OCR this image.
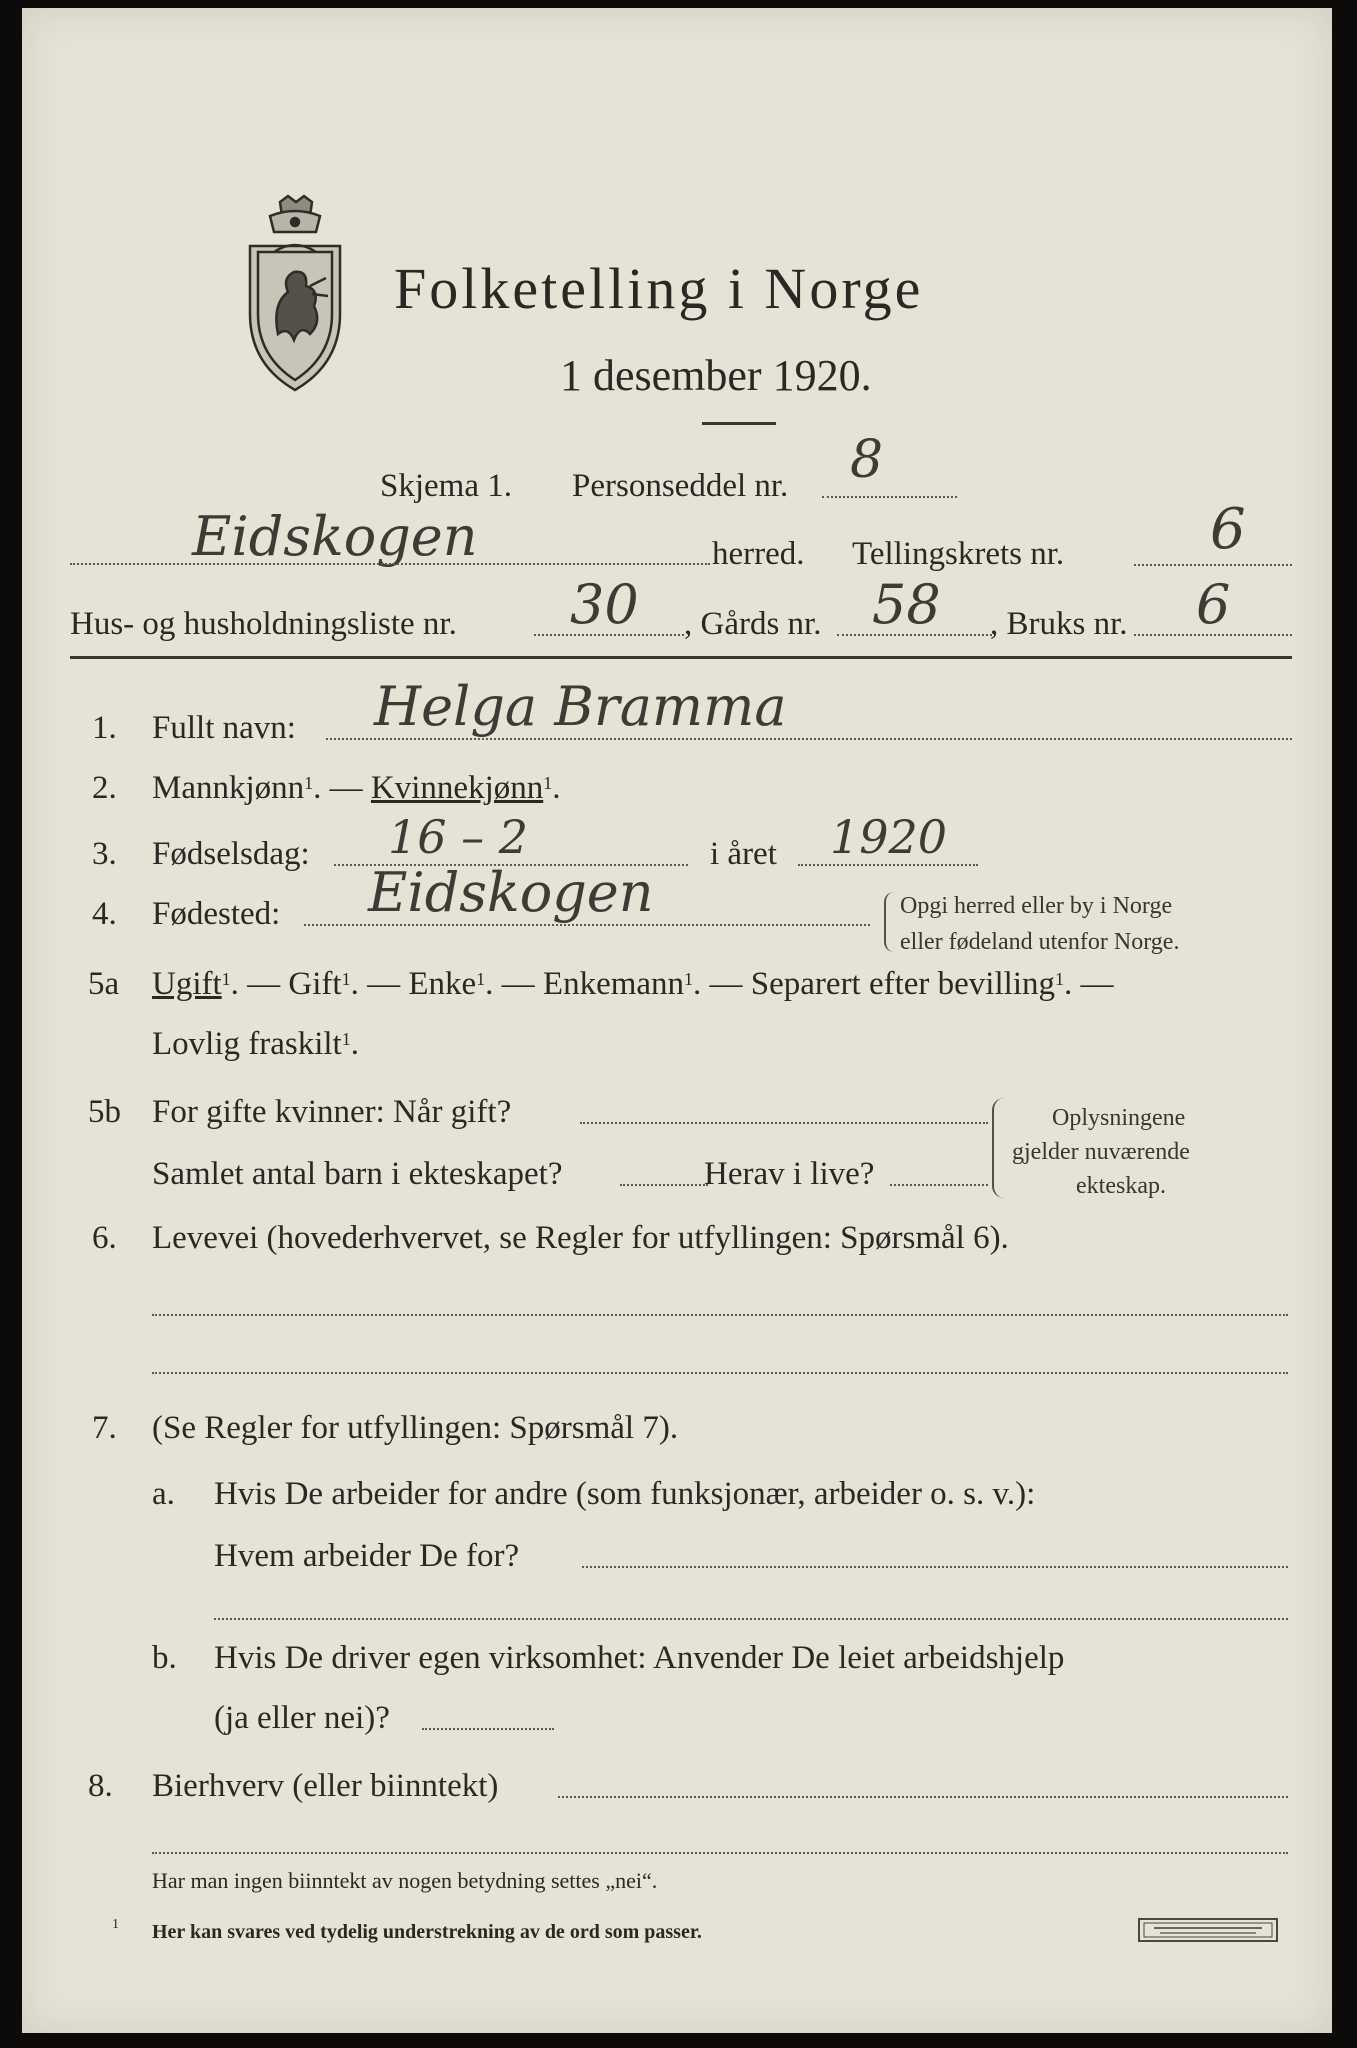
Folketelling i Norge
1 desember 1920.
Skjema 1. Personseddel nr. 8
Eidskogen	herred. Tellingskrets nr.	6
Hus- og husholdningsliste nr. 30 , Gårds nr. 58 , Bruks nr. 6
1. Fullt navn: Helga Bramma
2. Mannkjønn$^1$. — Kvinnekjønn$^1$.
3. Fødselsdag: 16 – 2	i året 1920
4. Fødested: Eidskogen	Opgi herred eller by i Norge
eller fødeland utenfor Norge.
5a Ugift$^1$. — Gift$^1$. — Enke$^1$. — Enkemann$^1$. — Separert efter bevilling$^1$. —
Lovlig fraskilt$^1$.
5b For gifte kvinner: Når gift?
Samlet antal barn i ekteskapet?	Herav i live?
Oplysningene
gjelder nuværende
ekteskap.
6. Levevei (hovederhvervet, se Regler for utfyllingen: Spørsmål 6).
7. (Se Regler for utfyllingen: Spørsmål 7).
a. Hvis De arbeider for andre (som funksjonær, arbeider o. s. v.):
Hvem arbeider De for?
b. Hvis De driver egen virksomhet: Anvender De leiet arbeidshjelp
(ja eller nei)?
8. Bierhverv (eller biinntekt)
Har man ingen biinntekt av nogen betydning settes „nei“.
1 Her kan svares ved tydelig understrekning av de ord som passer.
